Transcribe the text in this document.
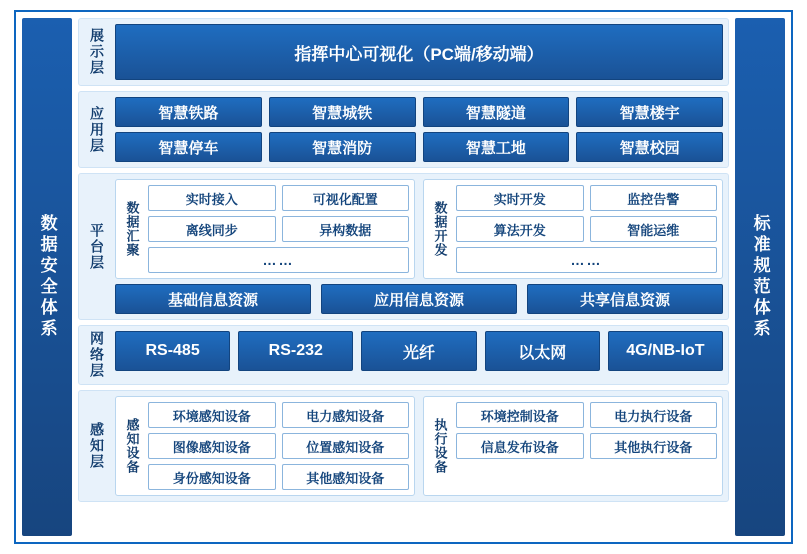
数据安全体系
展示层	指挥中心可视化（PC端/移动端）
应用层	智慧铁路	智慧城铁	智慧隧道	智慧楼宇
智慧停车	智慧消防	智慧工地	智慧校园
平台层 数据汇聚
实时接入	可视化配置
离线同步	异构数据
……
数据开发
实时开发	监控告警
算法开发	智能运维
……
基础信息资源	应用信息资源	共享信息资源
网络层	RS-485	RS-232	光纤	以太网	4G/NB-IoT
感知层 感知设备
环境感知设备	电力感知设备
图像感知设备	位置感知设备
身份感知设备	其他感知设备
执行设备
环境控制设备	电力执行设备
信息发布设备	其他执行设备
标准规范体系
